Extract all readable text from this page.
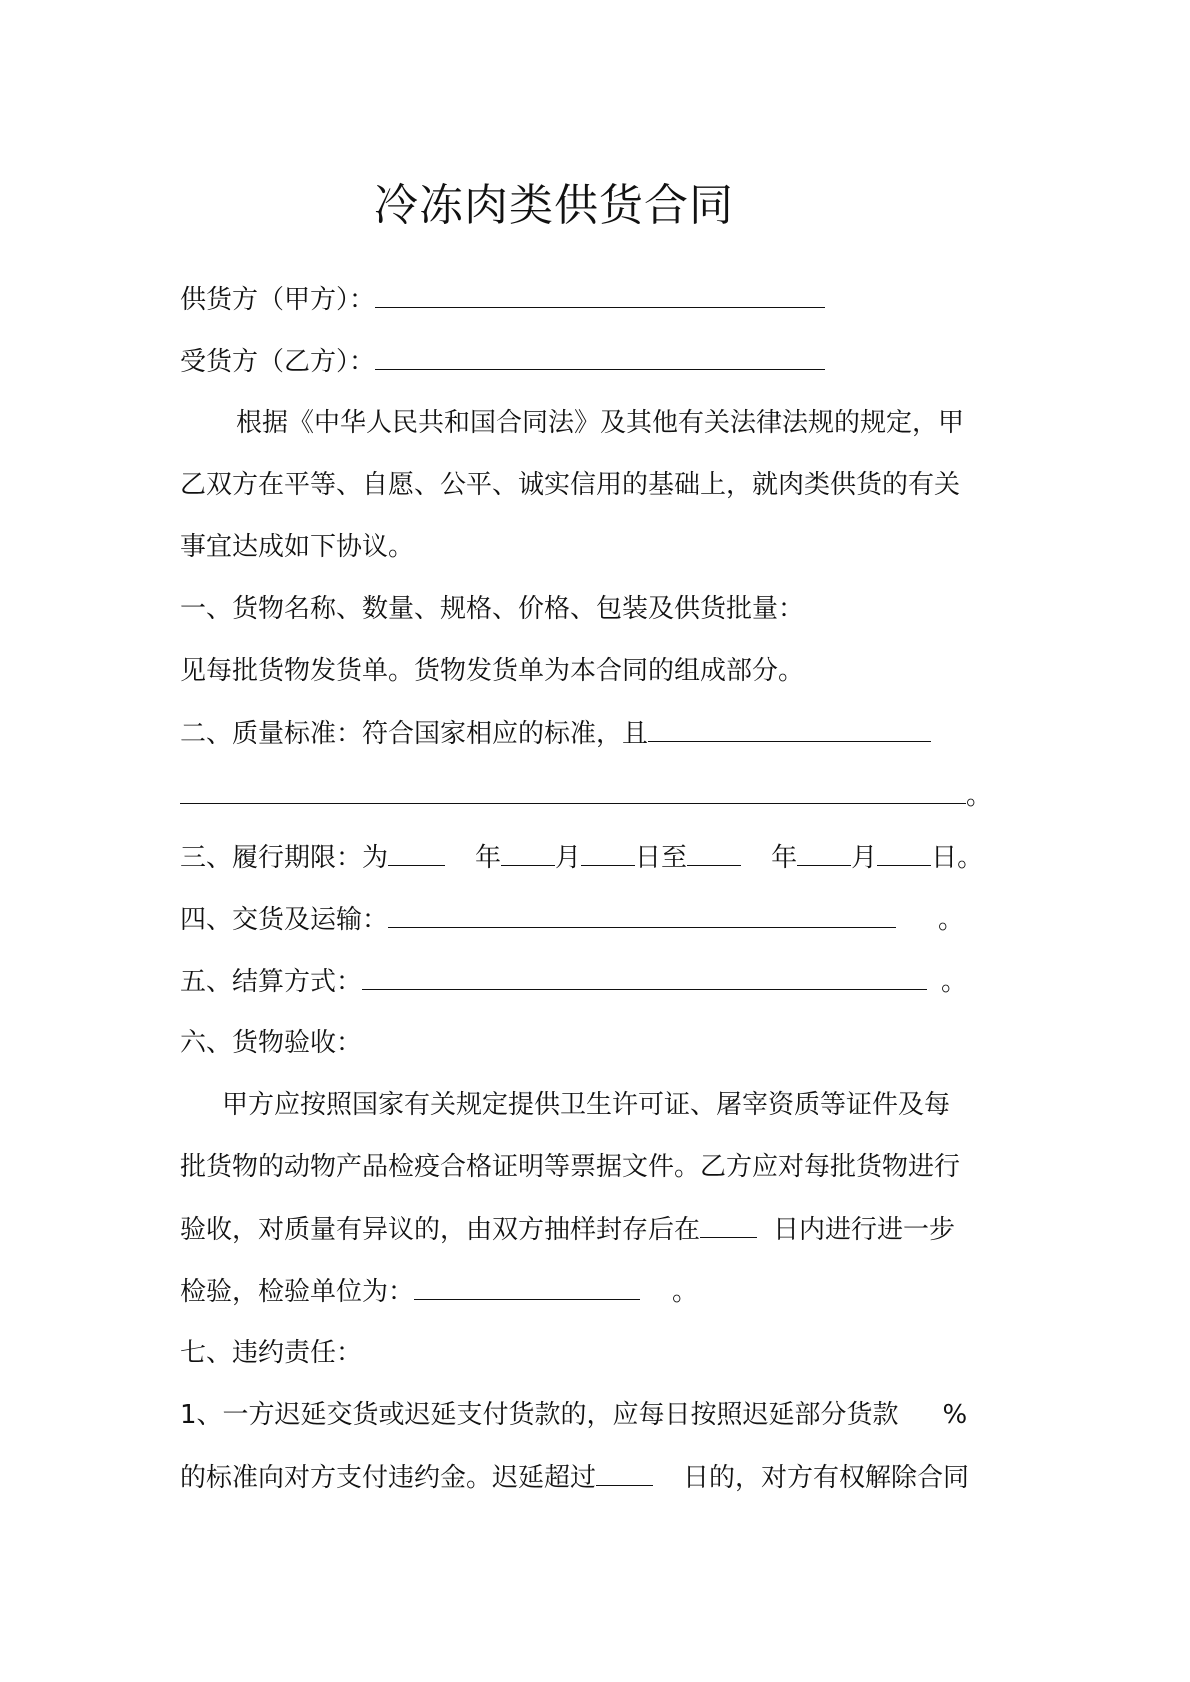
冷冻肉类供货合同
供货方（甲方）：
受货方（乙方）：
根据《中华人民共和国合同法》及其他有关法律法规的规定，甲
乙双方在平等、自愿、公平、诚实信用的基础上，就肉类供货的有关
事宜达成如下协议。
一、货物名称、数量、规格、价格、包装及供货批量：
见每批货物发货单。货物发货单为本合同的组成部分。
二、质量标准：符合国家相应的标准，且
。
三、履行期限：为	年 月 日至	年 月 日。
四、交货及运输：	。
五、结算方式：	。
六、货物验收：
甲方应按照国家有关规定提供卫生许可证、屠宰资质等证件及每
批货物的动物产品检疫合格证明等票据文件。乙方应对每批货物进行
验收，对质量有异议的，由双方抽样封存后在	日内进行进一步
检验，检验单位为：	。
七、违约责任：
1、一方迟延交货或迟延支付货款的，应每日按照迟延部分货款 %
的标准向对方支付违约金。迟延超过	日的，对方有权解除合同
